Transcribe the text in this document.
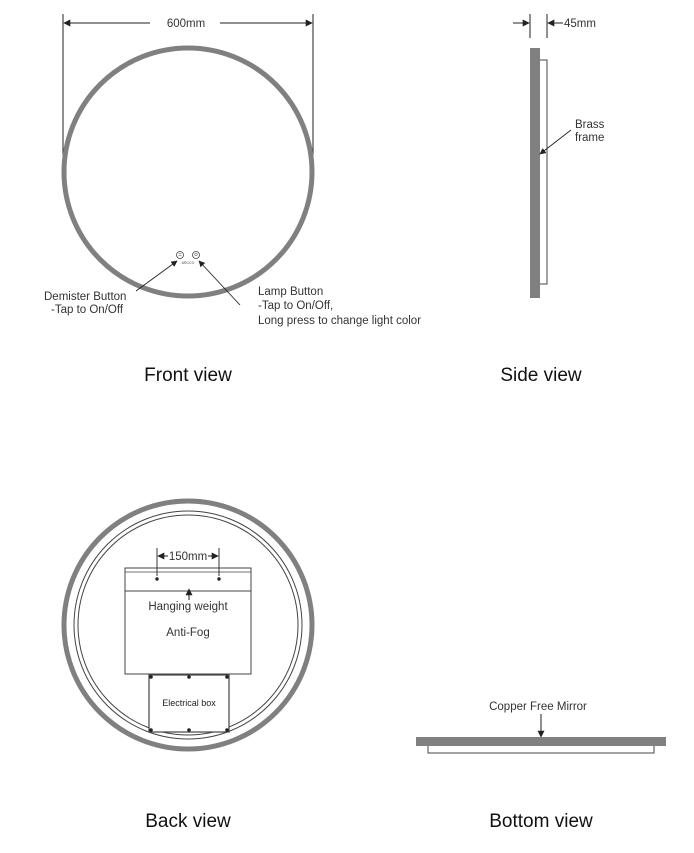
600mm
ARCCO
Demister Button
-Tap to On/Off
Lamp Button
-Tap to On/Off,
Long press to change light color
Front view
45mm
Brass
frame
Side view
150mm
Hanging weight
Anti-Fog
Electrical box
Back view
Copper Free Mirror
Bottom view
